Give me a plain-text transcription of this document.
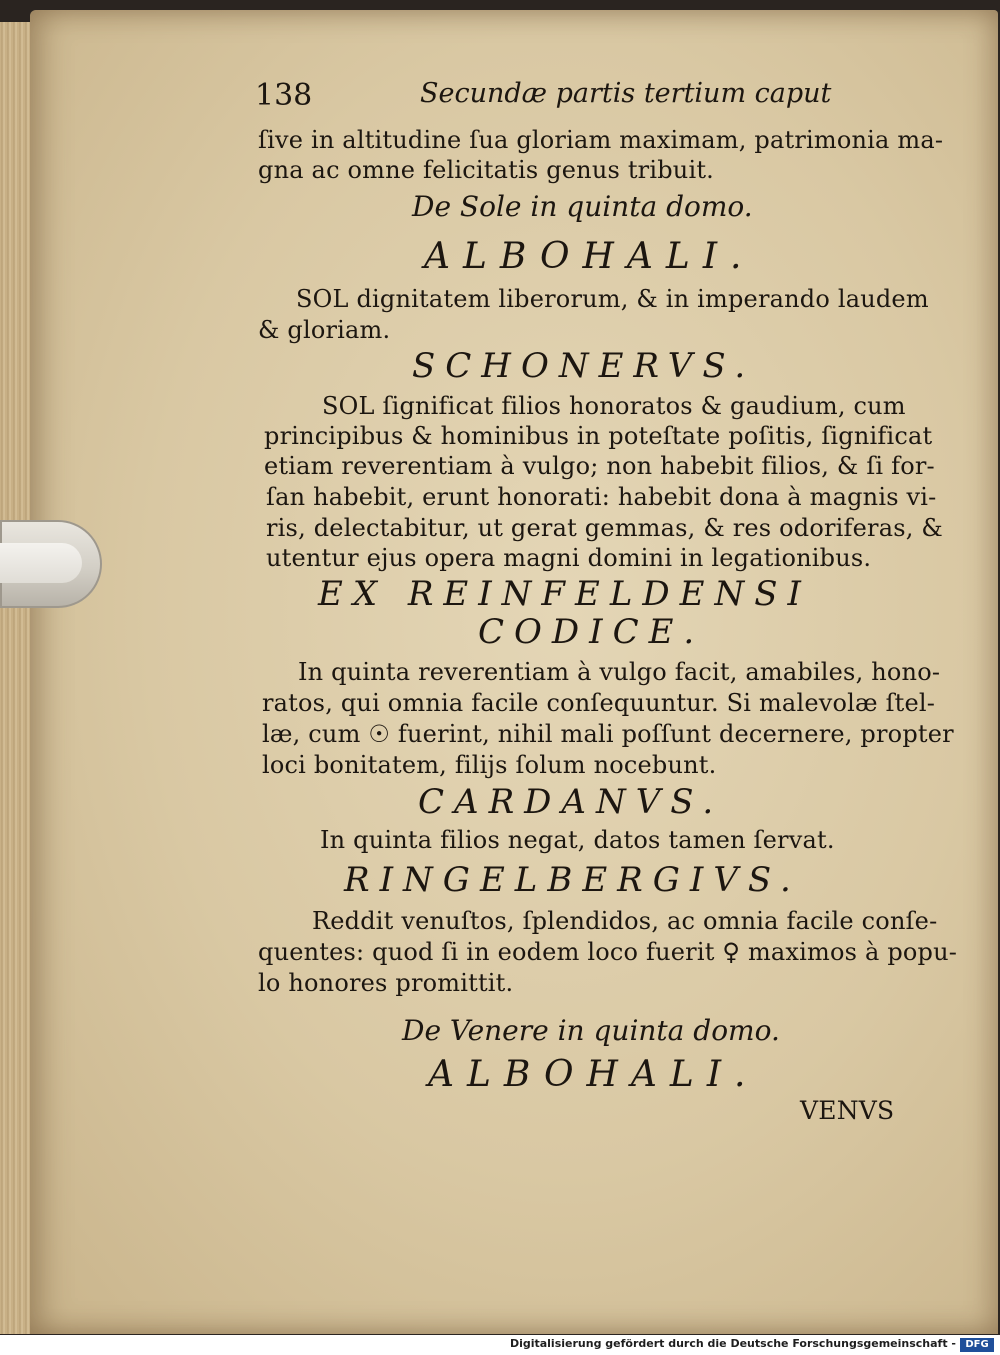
138	Secundæ partis tertium caput

ſive in altitudine ſua gloriam maximam, patrimonia ma-

gna ac omne felicitatis genus tribuit.

De Sole in quinta domo.

ALBOHALI.

SOL dignitatem liberorum, & in imperando laudem

& gloriam.

SCHONERVS.

SOL ſignificat filios honoratos & gaudium, cum

principibus & hominibus in poteſtate poſitis, ſignificat

etiam reverentiam à vulgo; non habebit filios, & ſi for-

ſan habebit, erunt honorati: habebit dona à magnis vi-

ris, delectabitur, ut gerat gemmas, & res odoriferas, &

utentur ejus opera magni domini in legationibus.

EX REINFELDENSI

CODICE.

In quinta reverentiam à vulgo facit, amabiles, hono-

ratos, qui omnia facile conſequuntur. Si malevolæ ſtel-

læ, cum ☉ fuerint, nihil mali poſſunt decernere, propter

loci bonitatem, filijs ſolum nocebunt.

CARDANVS.

In quinta filios negat, datos tamen ſervat.

RINGELBERGIVS.

Reddit venuſtos, ſplendidos, ac omnia facile conſe-

quentes: quod ſi in eodem loco fuerit ♀ maximos à popu-

lo honores promittit.

De Venere in quinta domo.

ALBOHALI.

VENVS

Digitalisierung gefördert durch die Deutsche Forschungsgemeinschaft - DFG
